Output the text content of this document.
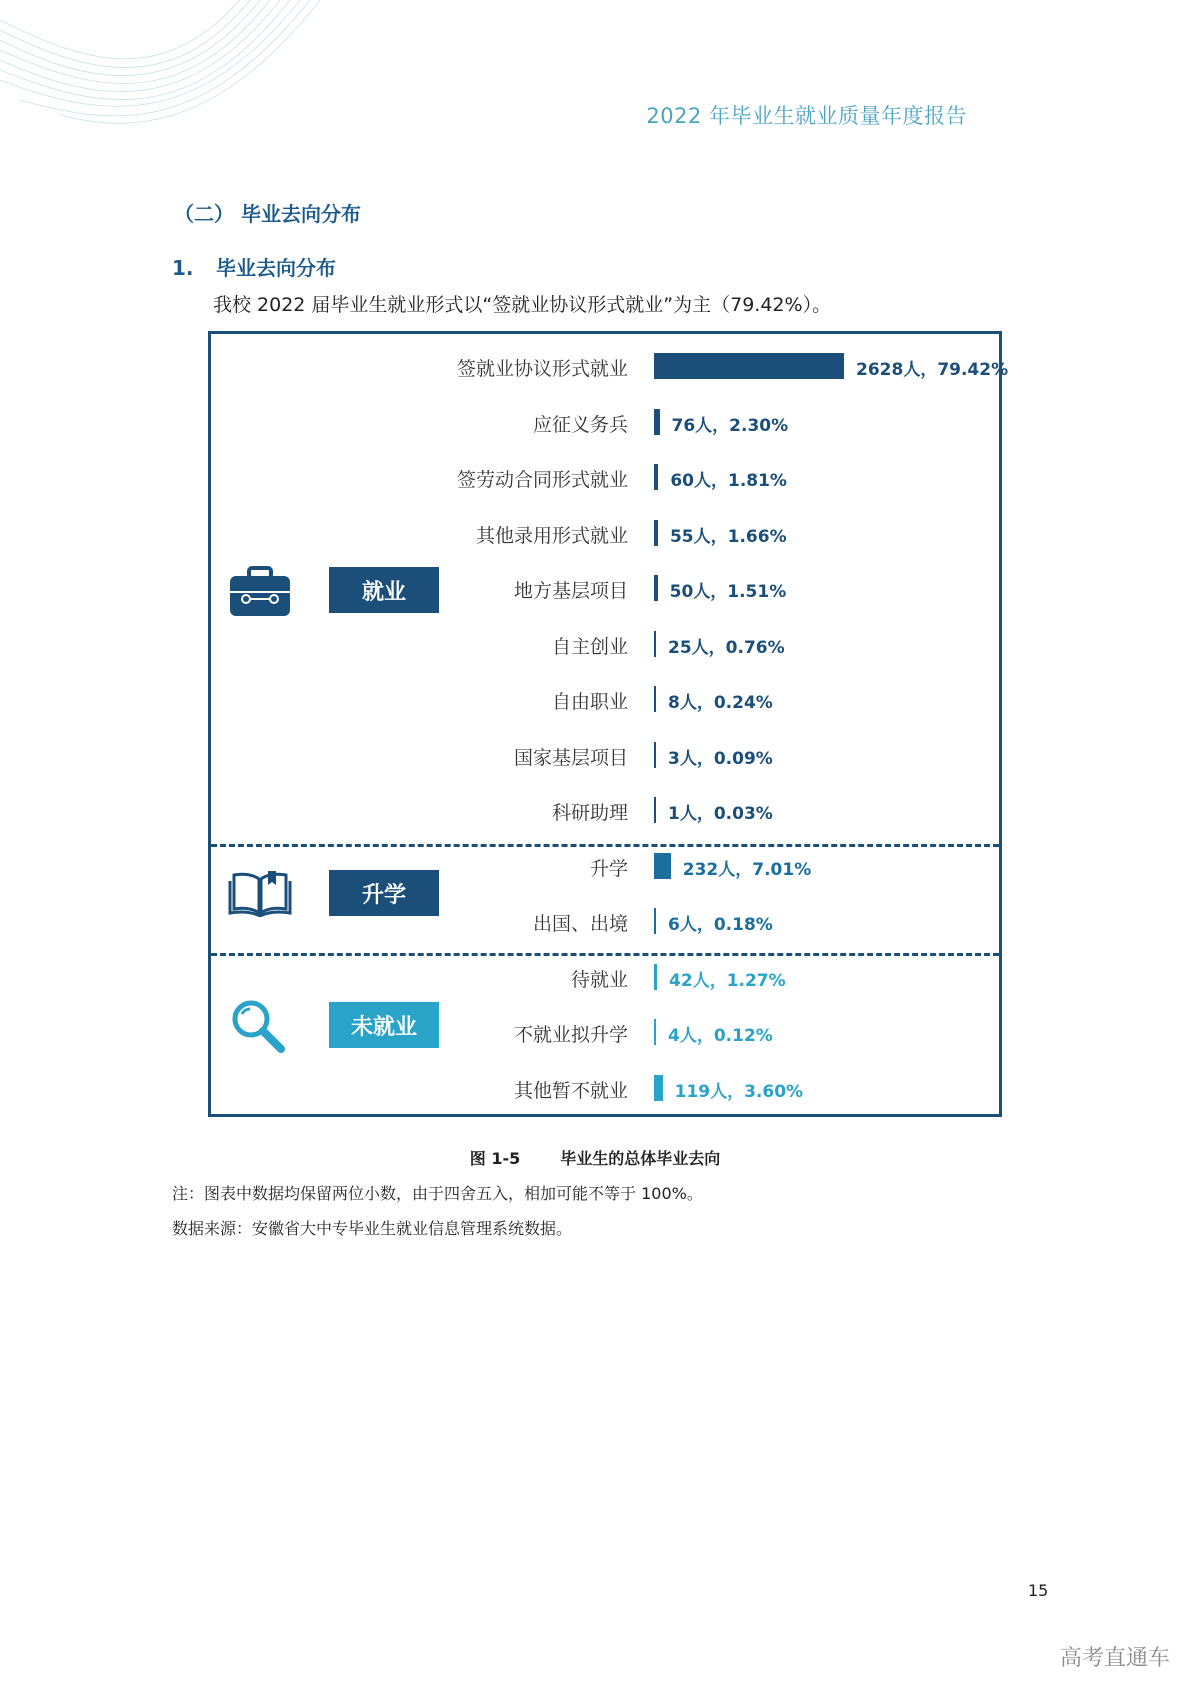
2022 年毕业生就业质量年度报告
（二） 毕业去向分布
1. 毕业去向分布
我校 2022 届毕业生就业形式以“签就业协议形式就业”为主（79.42%）。
就业
升学
未就业
签就业协议形式就业	2628人，79.42%
应征义务兵	76人，2.30%
签劳动合同形式就业 60人，1.81%
其他录用形式就业 55人，1.66%
地方基层项目 50人，1.51%
自主创业 25人，0.76%
自由职业 8人，0.24%
国家基层项目 3人，0.09%
科研助理 1人，0.03%
升学	232人，7.01%
出国、出境 6人，0.18%
待就业 42人，1.27%
不就业拟升学 4人，0.12%
其他暂不就业	119人，3.60%
图 1-5	毕业生的总体毕业去向
注：图表中数据均保留两位小数，由于四舍五入，相加可能不等于 100%。
数据来源：安徽省大中专毕业生就业信息管理系统数据。
15
高考直通车
